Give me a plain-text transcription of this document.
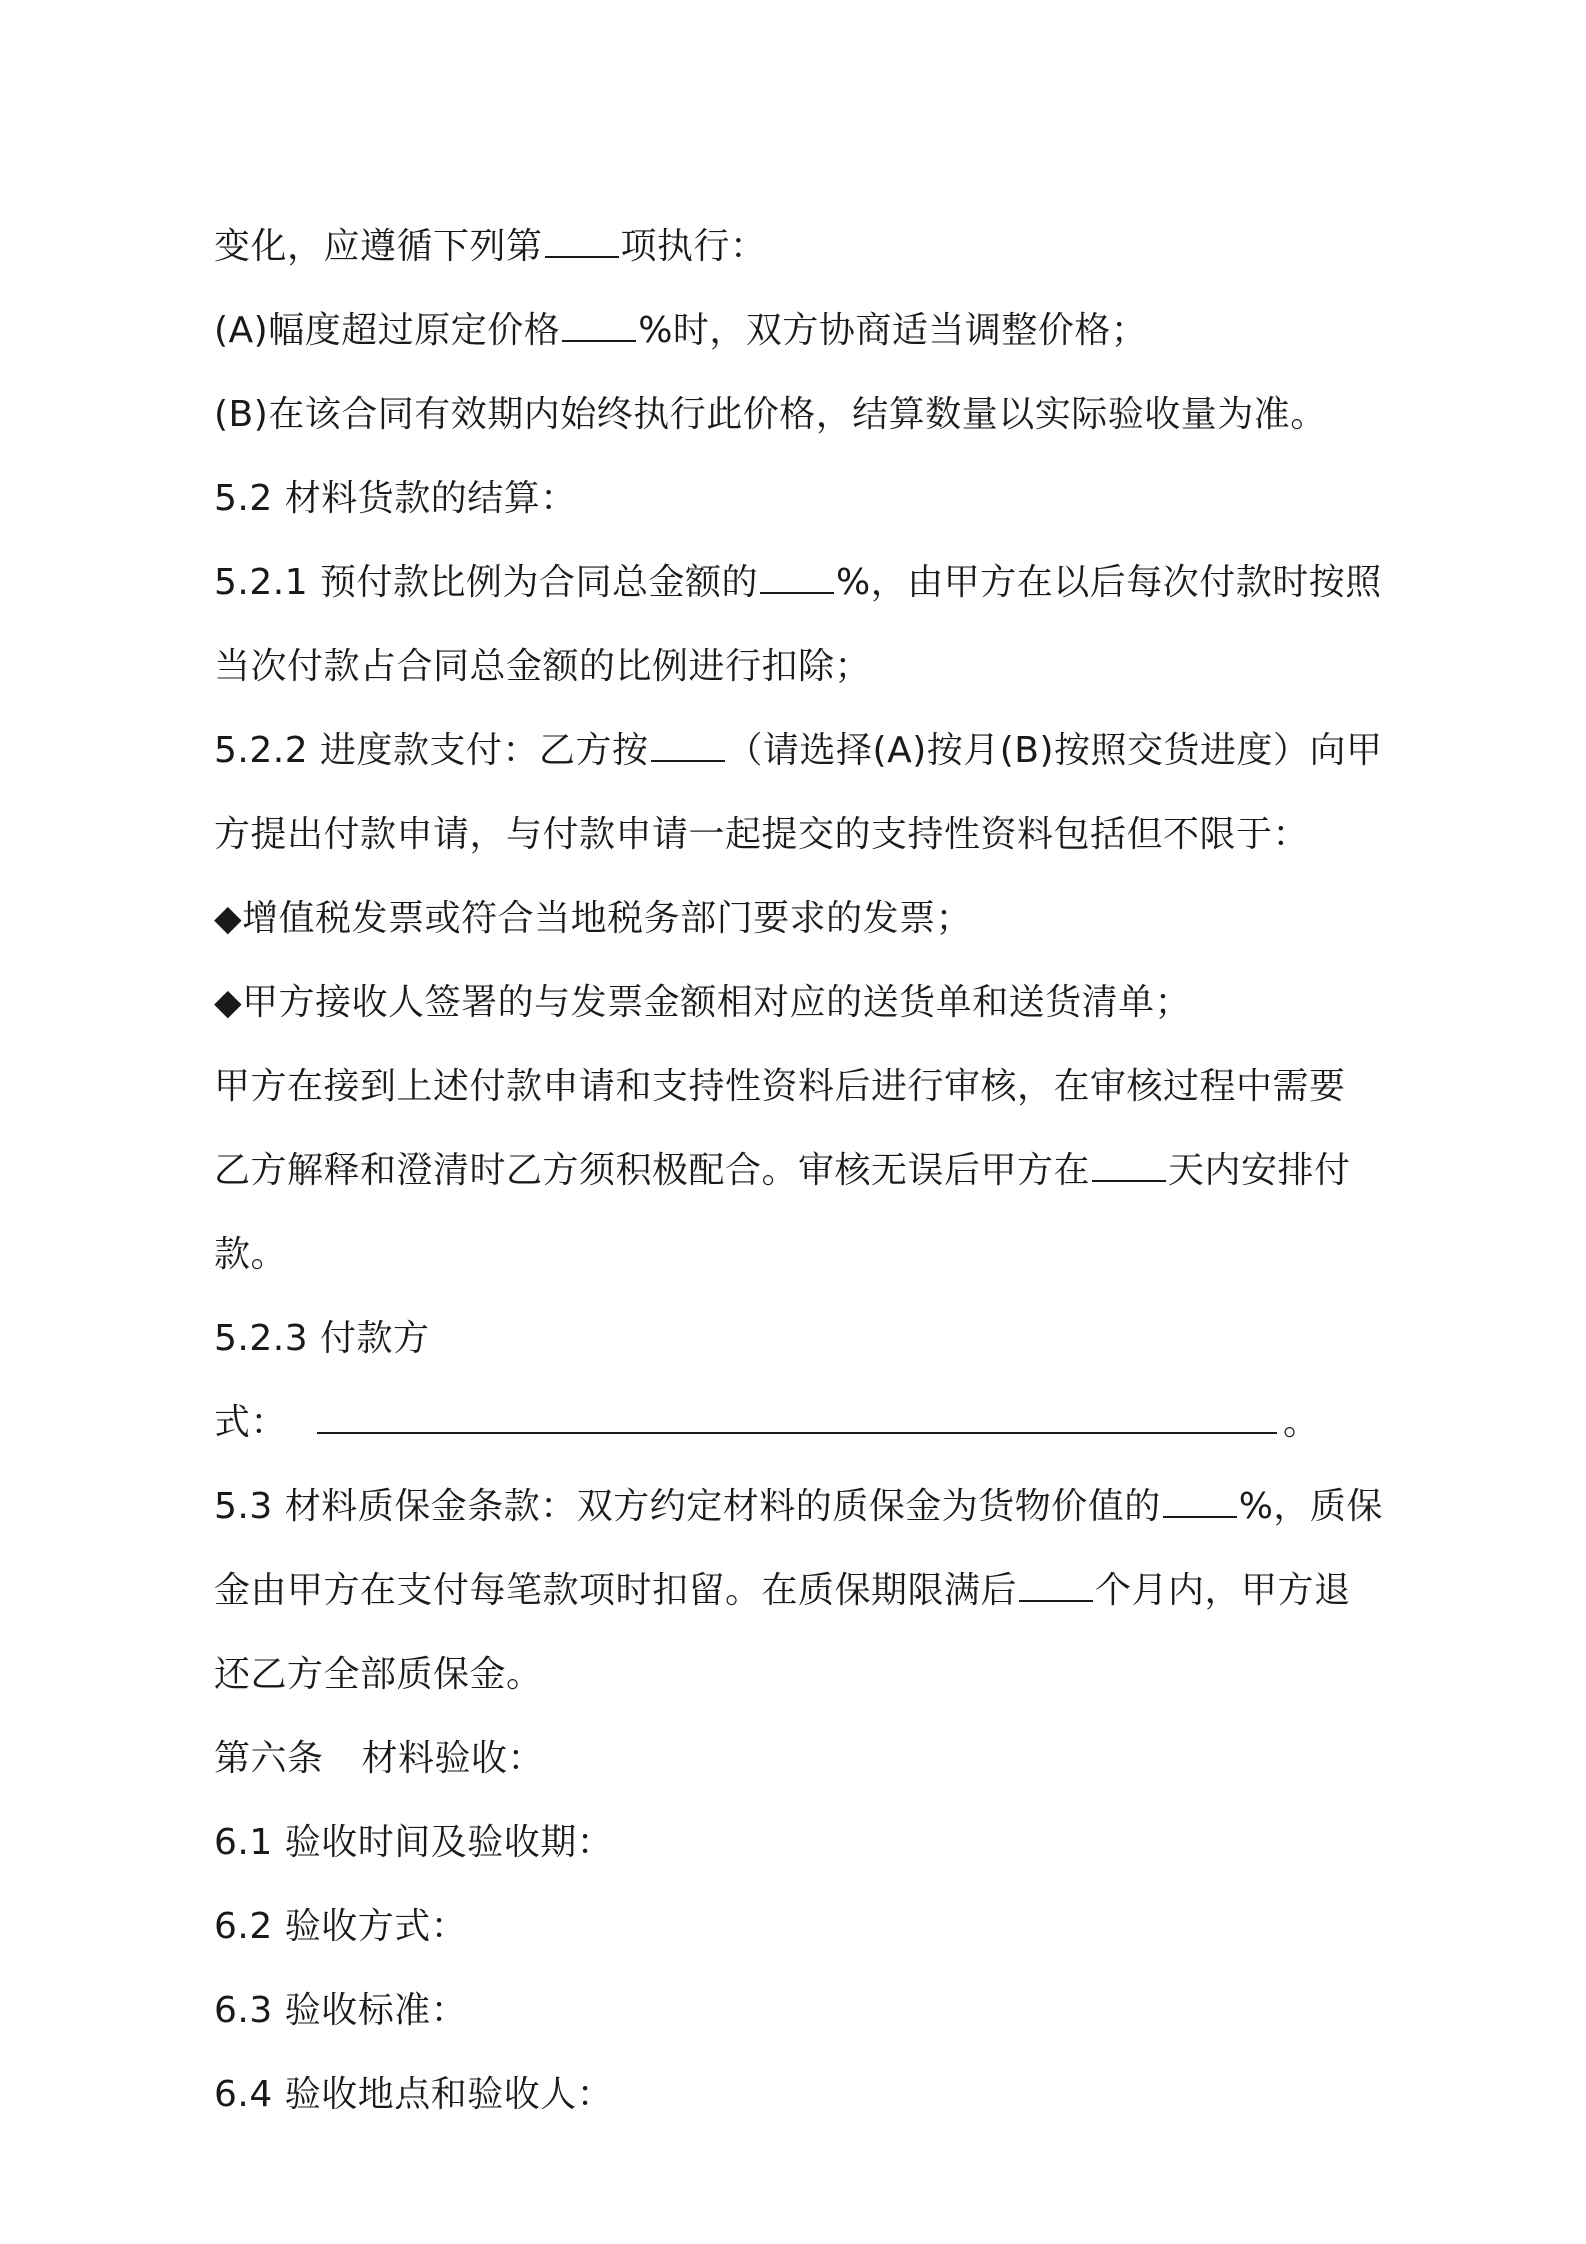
变化，应遵循下列第 项执行：
(A)幅度超过原定价格 %时，双方协商适当调整价格；
(B)在该合同有效期内始终执行此价格，结算数量以实际验收量为准。
5.2 材料货款的结算：
5.2.1 预付款比例为合同总金额的 %，由甲方在以后每次付款时按照
当次付款占合同总金额的比例进行扣除；
5.2.2 进度款支付：乙方按 （请选择(A)按月(B)按照交货进度）向甲
方提出付款申请，与付款申请一起提交的支持性资料包括但不限于：
◆增值税发票或符合当地税务部门要求的发票；
◆甲方接收人签署的与发票金额相对应的送货单和送货清单；
甲方在接到上述付款申请和支持性资料后进行审核，在审核过程中需要
乙方解释和澄清时乙方须积极配合。审核无误后甲方在 天内安排付
款。
5.2.3 付款方
式：	。
5.3 材料质保金条款：双方约定材料的质保金为货物价值的 %，质保
金由甲方在支付每笔款项时扣留。在质保期限满后 个月内，甲方退
还乙方全部质保金。
第六条 材料验收：
6.1 验收时间及验收期：
6.2 验收方式：
6.3 验收标准：
6.4 验收地点和验收人：
